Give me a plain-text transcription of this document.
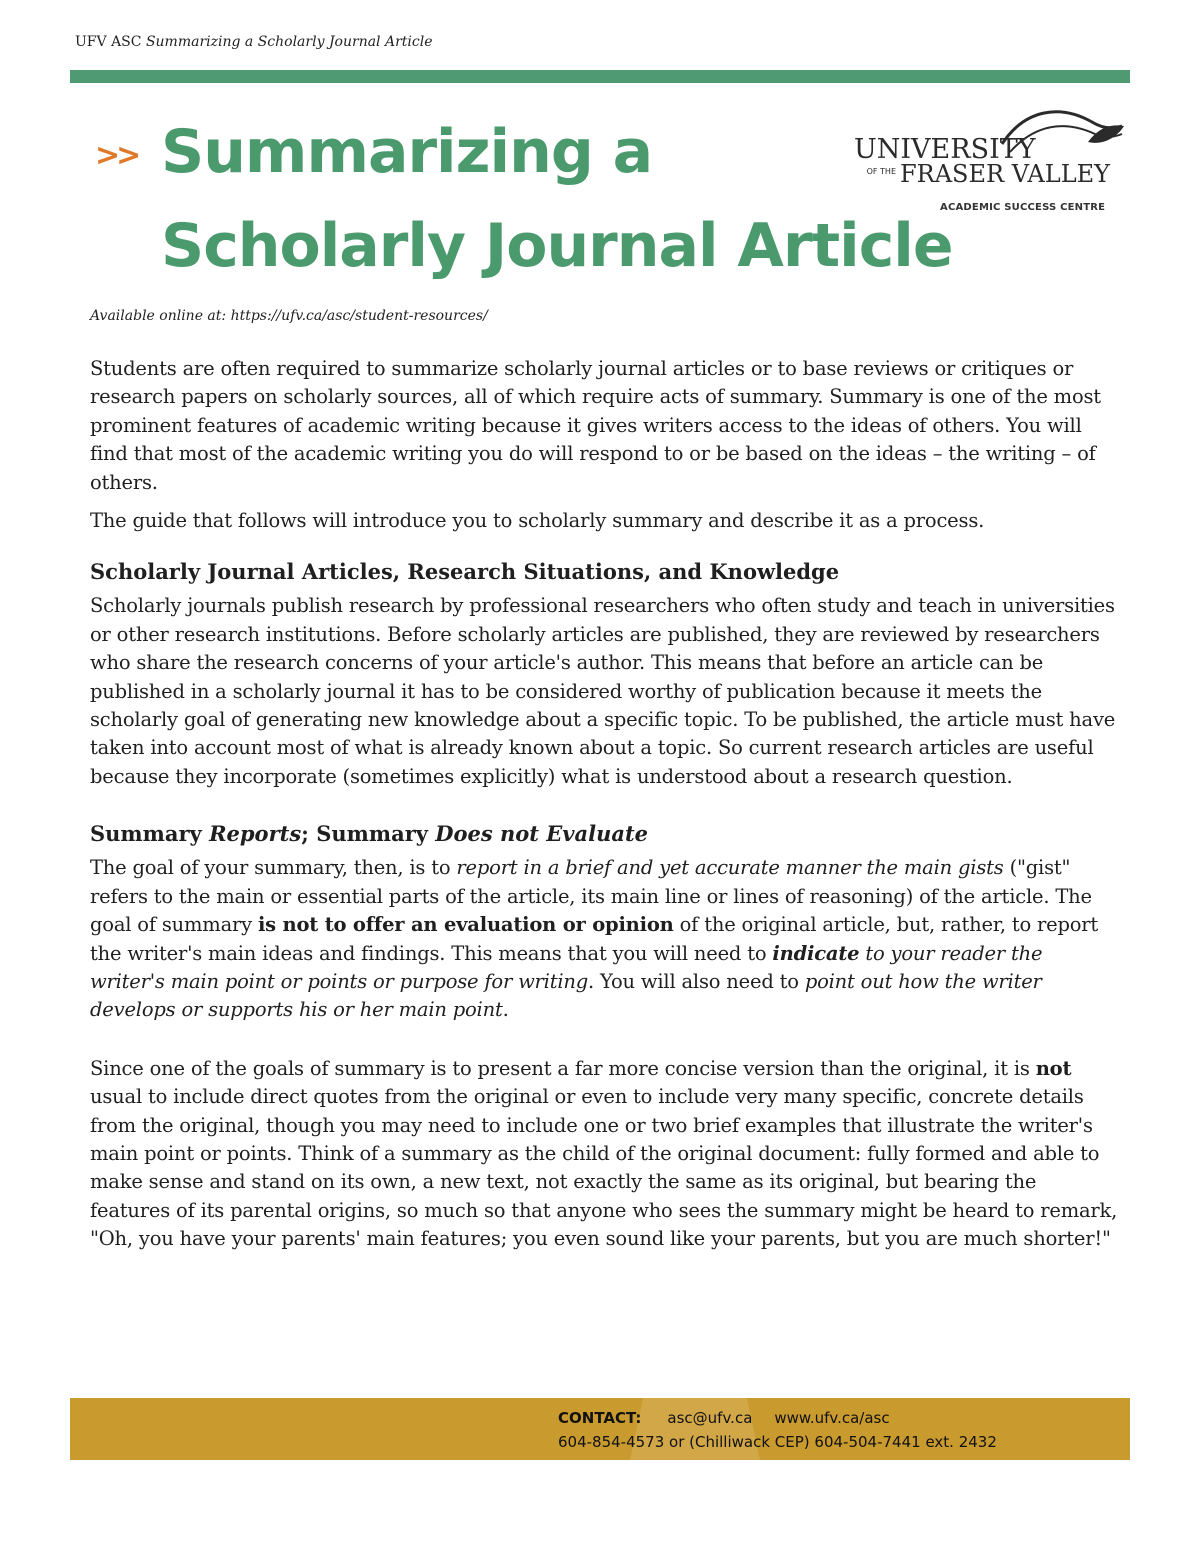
UFV ASC Summarizing a Scholarly Journal Article
>> Summarizing a
Scholarly Journal Article
UNIVERSITY
OF THE FRASER VALLEY
ACADEMIC SUCCESS CENTRE
Available online at: https://ufv.ca/asc/student-resources/

Students are often required to summarize scholarly journal articles or to base reviews or critiques or research papers on scholarly sources, all of which require acts of summary. Summary is one of the most prominent features of academic writing because it gives writers access to the ideas of others. You will find that most of the academic writing you do will respond to or be based on the ideas – the writing – of others.

The guide that follows will introduce you to scholarly summary and describe it as a process.

Scholarly Journal Articles, Research Situations, and Knowledge

Scholarly journals publish research by professional researchers who often study and teach in universities or other research institutions. Before scholarly articles are published, they are reviewed by researchers who share the research concerns of your article's author. This means that before an article can be published in a scholarly journal it has to be considered worthy of publication because it meets the scholarly goal of generating new knowledge about a specific topic. To be published, the article must have taken into account most of what is already known about a topic. So current research articles are useful because they incorporate (sometimes explicitly) what is understood about a research question.

Summary Reports; Summary Does not Evaluate

The goal of your summary, then, is to report in a brief and yet accurate manner the main gists ("gist" refers to the main or essential parts of the article, its main line or lines of reasoning) of the article. The goal of summary is not to offer an evaluation or opinion of the original article, but, rather, to report the writer's main ideas and findings. This means that you will need to indicate to your reader the writer's main point or points or purpose for writing. You will also need to point out how the writer develops or supports his or her main point.

Since one of the goals of summary is to present a far more concise version than the original, it is not usual to include direct quotes from the original or even to include very many specific, concrete details from the original, though you may need to include one or two brief examples that illustrate the writer's main point or points. Think of a summary as the child of the original document: fully formed and able to make sense and stand on its own, a new text, not exactly the same as its original, but bearing the features of its parental origins, so much so that anyone who sees the summary might be heard to remark, "Oh, you have your parents' main features; you even sound like your parents, but you are much shorter!"

CONTACT: asc@ufv.ca www.ufv.ca/asc
604-854-4573 or (Chilliwack CEP) 604-504-7441 ext. 2432
